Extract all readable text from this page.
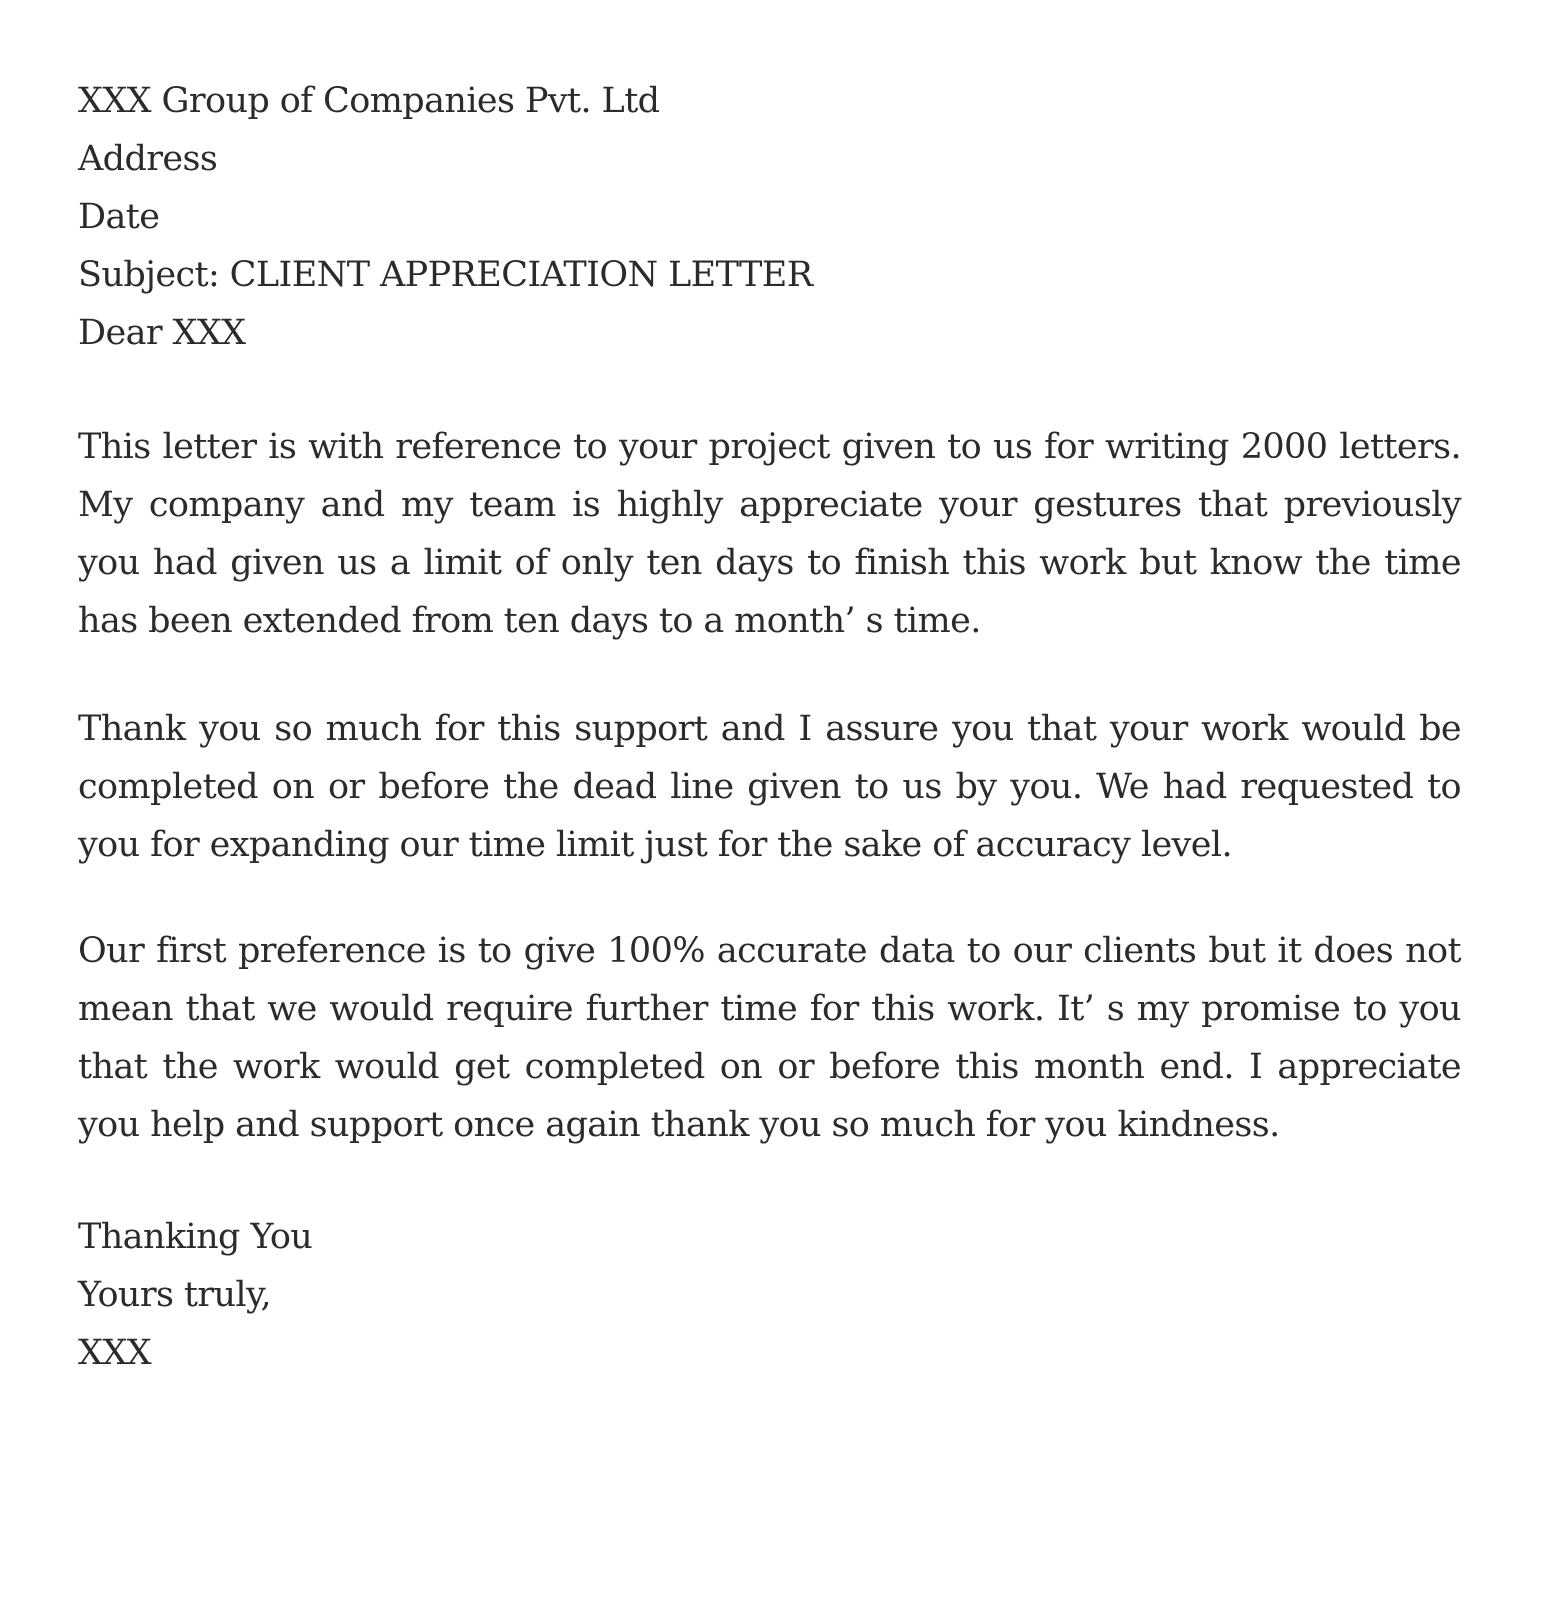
XXX Group of Companies Pvt. Ltd
Address
Date
Subject: CLIENT APPRECIATION LETTER
Dear XXX

This letter is with reference to your project given to us for writing 2000 letters. My company and my team is highly appreciate your gestures that previously you had given us a limit of only ten days to finish this work but know the time has been extended from ten days to a month’ s time.

Thank you so much for this support and I assure you that your work would be completed on or before the dead line given to us by you. We had requested to you for expanding our time limit just for the sake of accuracy level.

Our first preference is to give 100% accurate data to our clients but it does not mean that we would require further time for this work. It’ s my promise to you that the work would get completed on or before this month end. I appreciate you help and support once again thank you so much for you kindness.

Thanking You
Yours truly,
XXX
